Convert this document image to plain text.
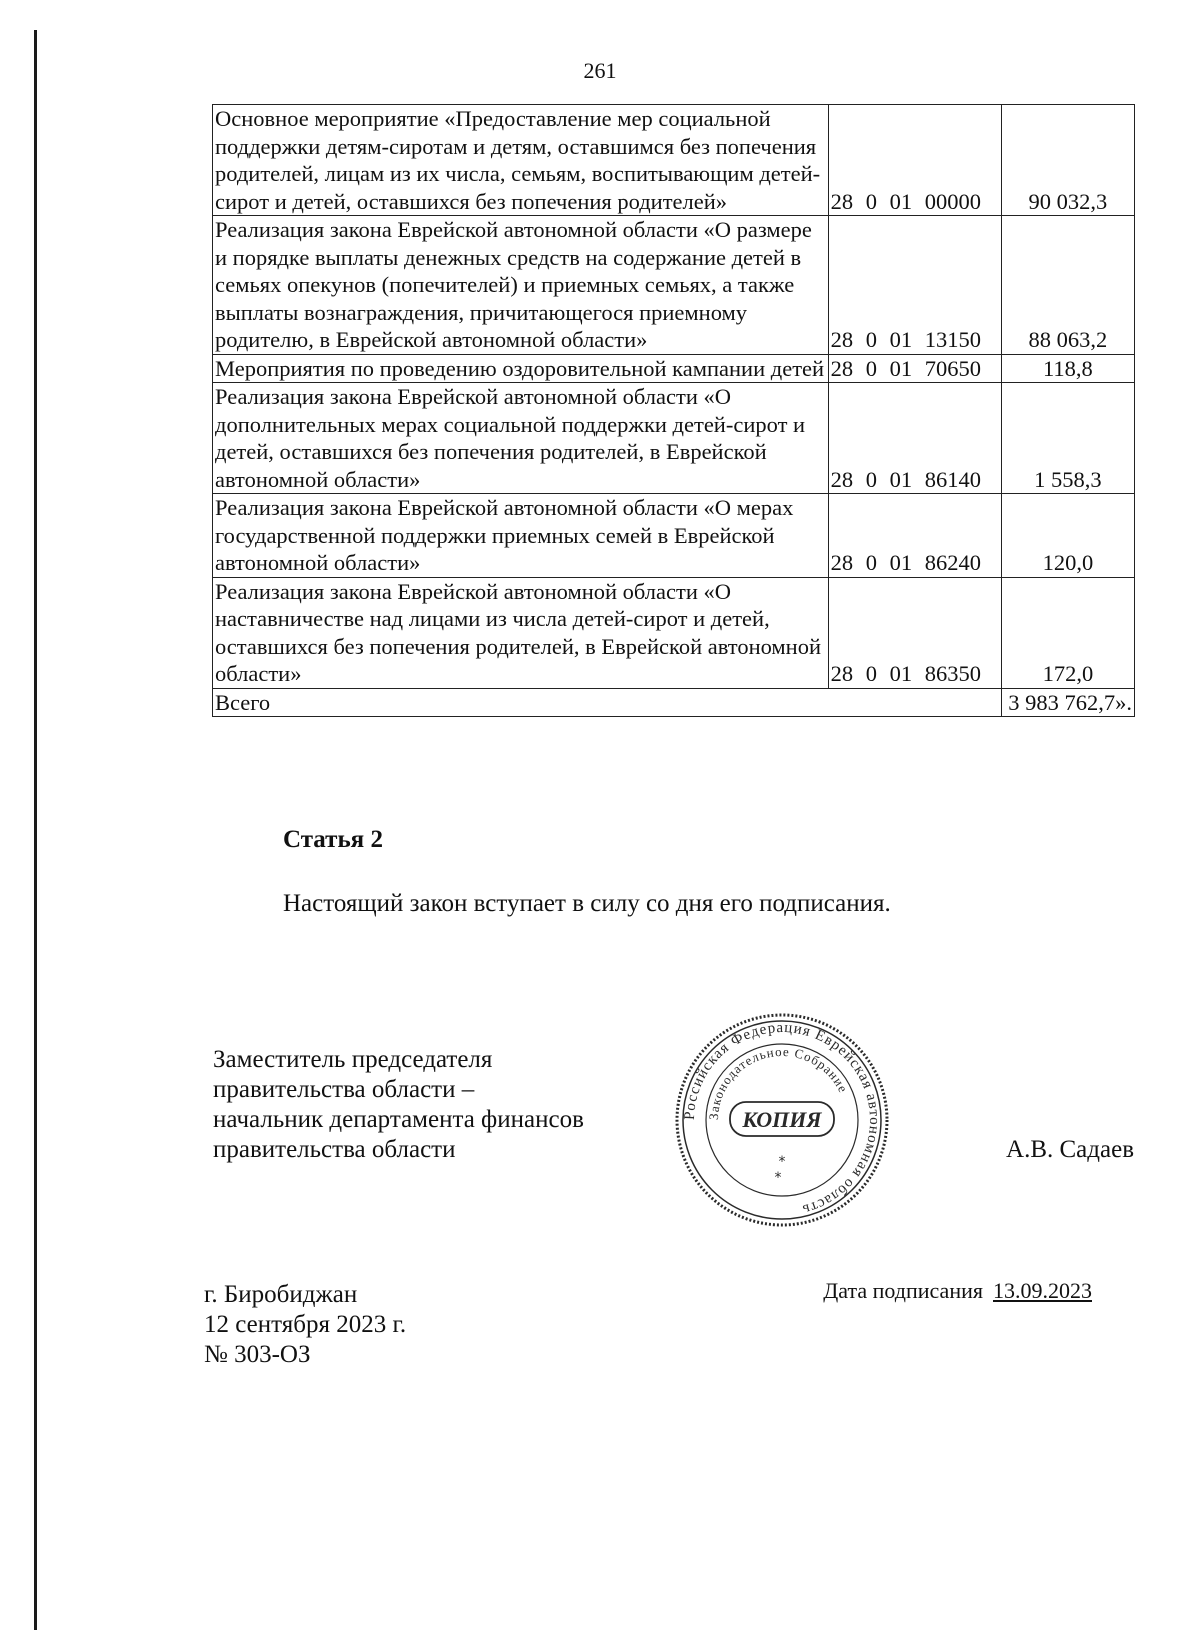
261
Основное мероприятие «Предоставление мер социальной поддержки детям-сиротам и детям, оставшимся без попечения родителей, лицам из их числа, семьям, воспитывающим детей-сирот и детей, оставшихся без попечения родителей»	28 0 01 00000	90 032,3
Реализация закона Еврейской автономной области «О размере и порядке выплаты денежных средств на содержание детей в семьях опекунов (попечителей) и приемных семьях, а также выплаты вознаграждения, причитающегося приемному родителю, в Еврейской автономной области»	28 0 01 13150	88 063,2
Мероприятия по проведению оздоровительной кампании детей	28 0 01 70650	118,8
Реализация закона Еврейской автономной области «О дополнительных мерах социальной поддержки детей-сирот и детей, оставшихся без попечения родителей, в Еврейской автономной области»	28 0 01 86140	1 558,3
Реализация закона Еврейской автономной области «О мерах государственной поддержки приемных семей в Еврейской автономной области»	28 0 01 86240	120,0
Реализация закона Еврейской автономной области «О наставничестве над лицами из числа детей-сирот и детей, оставшихся без попечения родителей, в Еврейской автономной области»	28 0 01 86350	172,0
Всего		3 983 762,7».
Статья 2
Настоящий закон вступает в силу со дня его подписания.
Заместитель председателя
правительства области –
начальник департамента финансов
правительства области
Российская Федерация Еврейская автономная область
Законодательное Собрание
КОПИЯ
*
*
А.В. Садаев
г. Биробиджан
12 сентября 2023 г.
№ 303-ОЗ
Дата подписания 13.09.2023
